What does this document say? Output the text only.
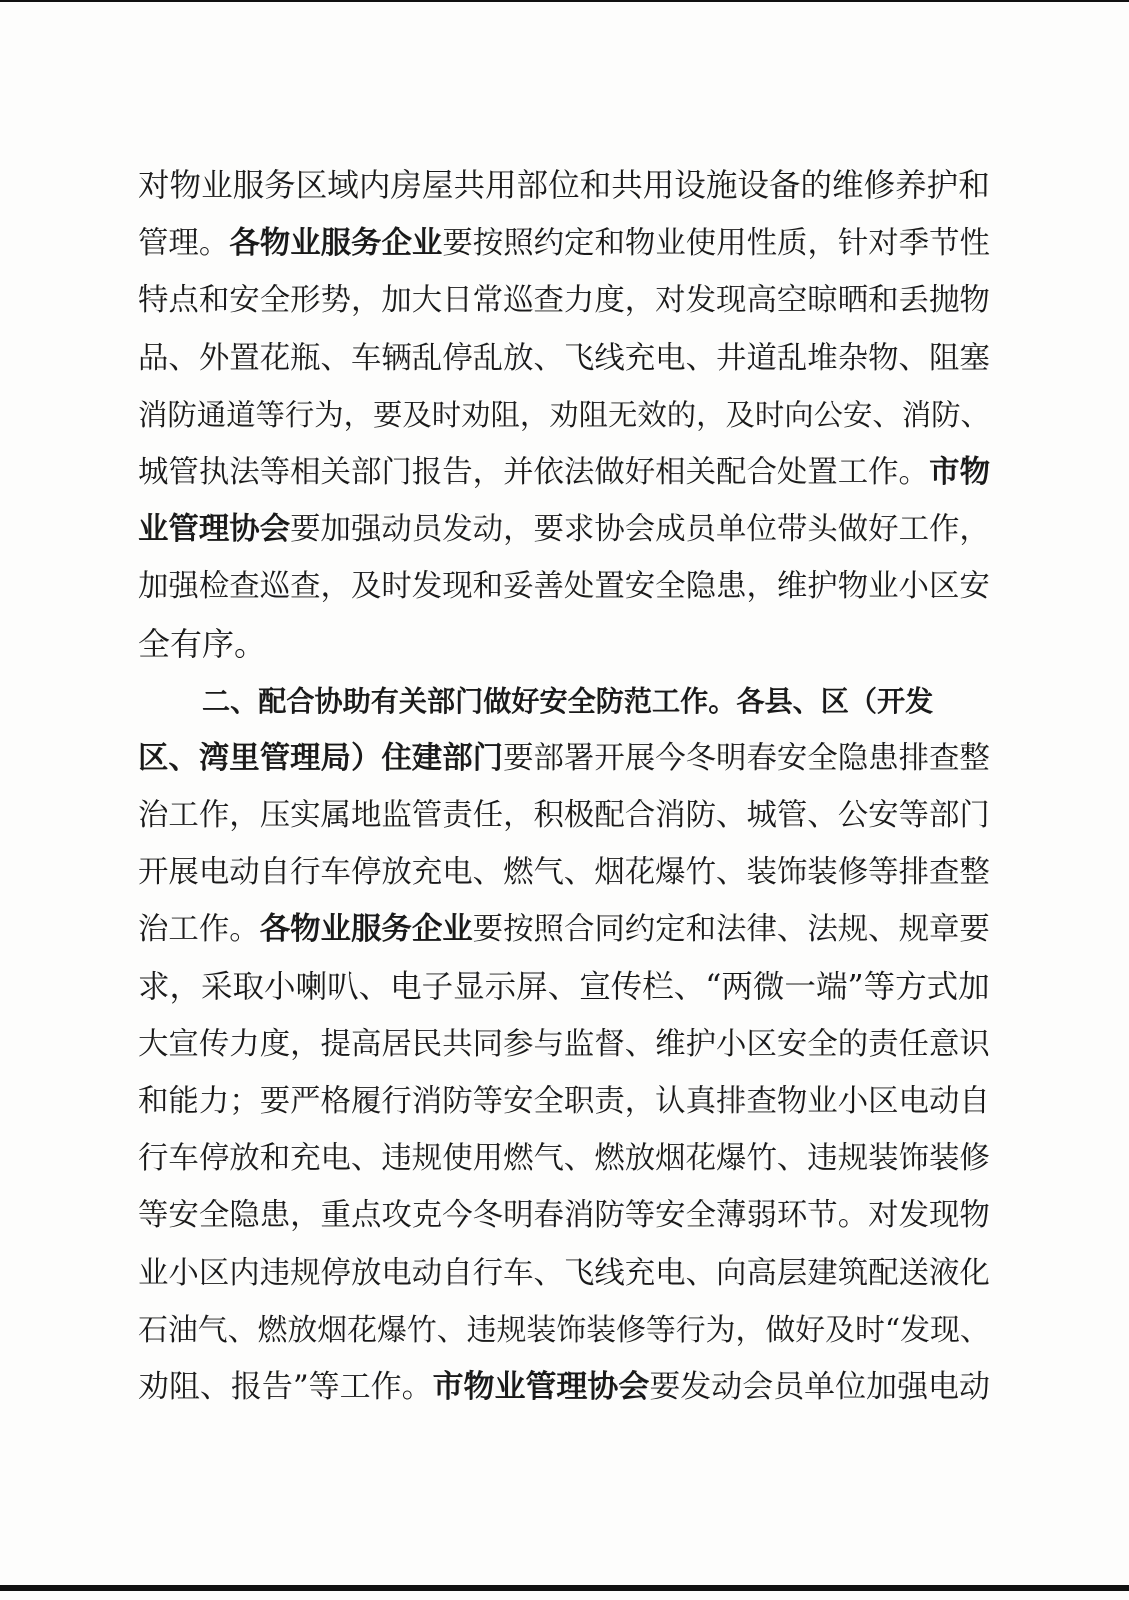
对物业服务区域内房屋共用部位和共用设施设备的维修养护和
管理。 各物业服务企业 要按照约定和物业使用性质，针对季节性
特点和安全形势，加大日常巡查力度，对发现高空晾晒和丢抛物
品、外置花瓶、车辆乱停乱放、飞线充电、井道乱堆杂物、阻塞
消防通道等行为，要及时劝阻，劝阻无效的，及时向公安、消防、
城管执法等相关部门报告，并依法做好相关配合处置工作。 市物
业管理协会要加强动员发动，要求协会成员单位带头做好工作，
加强检查巡查，及时发现和妥善处置安全隐患，维护物业小区安
全有序。
二、配合协助有关部门做好安全防范工作。各县、区（开发
区、湾里管理局）住建部门要部署开展今冬明春安全隐患排查整
治工作，压实属地监管责任，积极配合消防、城管、公安等部门
开展电动自行车停放充电、燃气、烟花爆竹、装饰装修等排查整
治工作。各物业服务企业要按照合同约定和法律、法规、规章要
求，采取小喇叭、电子显示屏、宣传栏、“两微一端”等方式加
大宣传力度，提高居民共同参与监督、维护小区安全的责任意识
和能力；要严格履行消防等安全职责，认真排查物业小区电动自
行车停放和充电、违规使用燃气、燃放烟花爆竹、违规装饰装修
等安全隐患，重点攻克今冬明春消防等安全薄弱环节。对发现物
业小区内违规停放电动自行车、飞线充电、向高层建筑配送液化
石油气、燃放烟花爆竹、违规装饰装修等行为，做好及时“发现、
劝阻、报告”等工作。市物业管理协会要发动会员单位加强电动
